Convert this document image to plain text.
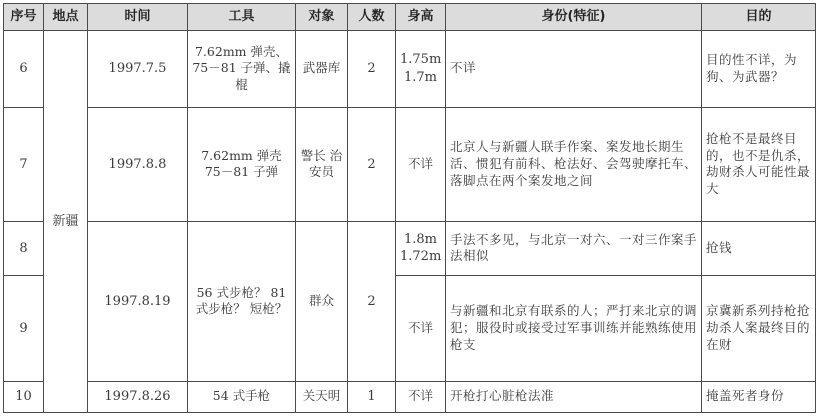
序号	地点	时间	工具	对象	人数	身高	身份(特征)	目的
6	新疆	1997.7.5	7.62mm 弹壳、75－81 子弹、撬棍	武器库	2	1.75m 1.7m	不详	目的性不详，为狗、为武器？
7		1997.8.8	7.62mm 弹壳 75－81 子弹	警长 治安员	2	不详	北京人与新疆人联手作案、案发地长期生活、惯犯有前科、枪法好、会驾驶摩托车、落脚点在两个案发地之间	抢枪不是最终目的，也不是仇杀，劫财杀人可能性最大
8		1997.8.19	56 式步枪？ 81 式步枪？ 短枪？	群众	2	1.8m 1.72m	手法不多见，与北京一对六、一对三作案手法相似	抢钱
9						不详	与新疆和北京有联系的人；严打来北京的调犯；服役时或接受过军事训练并能熟练使用枪支	京冀新系列持枪抢劫杀人案最终目的在财
10		1997.8.26	54 式手枪	关天明	1	不详	开枪打心脏枪法准	掩盖死者身份
